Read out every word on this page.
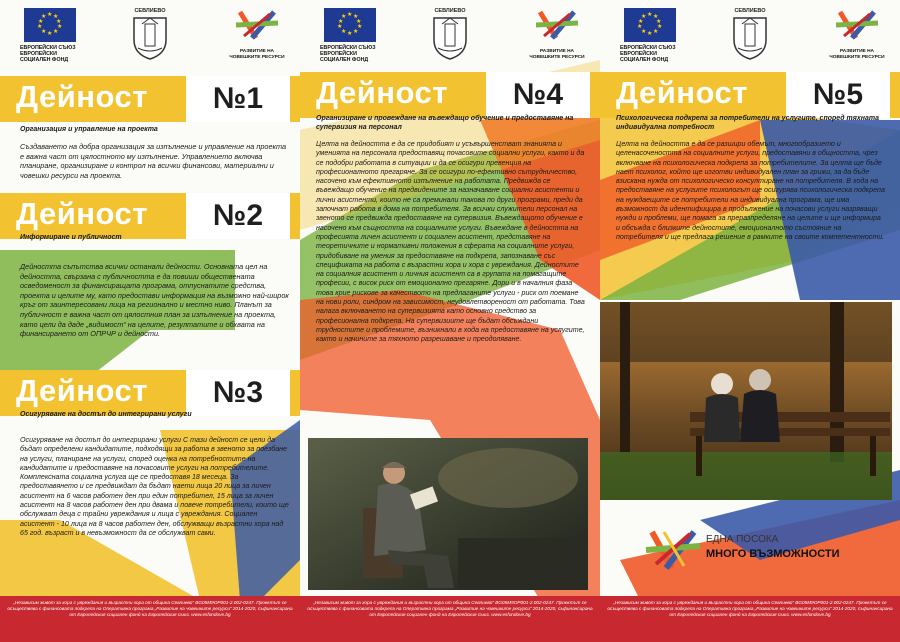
★ ★
★
★
★
★
★
★
★
★
ЕВРОПЕЙСКИ СЪЮЗ
ЕВРОПЕЙСКИ
СОЦИАЛЕН ФОНД
СЕВЛИЕВО
РАЗВИТИЕ НА
ЧОВЕШКИТЕ РЕСУРСИ
Дейност	№1
Организация и управление на проекта
Създаването на добра организация за изпълнение и управление на проекта е важна част от цялостното му изпълнение. Управлението включва планиране, организиране и контрол на всички финансови, материални и човешки ресурси на проекта.
Дейност	№2
Информиране и публичност
Дейността съпътства всички останали дейности. Основната цел на дейността, свързана с публичността е да повиши обществената осведоменост за финансиращата програма, отпуснатите средства, проекта и целите му, като предостави информация на възможно най-широк кръг от заинтересовани лица на регионално и местно ниво. Планът за публичност е важна част от цялостния план за изпълнение на проекта, като цели да даде „видимост“ на целите, резултатите и обхвата на финансирането от ОПРЧР и дейности.
Дейност	№3
Осигуряване на достъп до интегрирани услуги
Осигуряване на достъп до интегрирани услуги С тази дейност се цели да бъдат определени кандидатите, подходящи за работа в звеното за поезбане на услуги, планиране на услуги, според оценка на потребностите на кандидатите и предоставяне на почасовите услуги на потребителите. Комплексната социална услуга ще се предоставя 18 месеца. За предоставянето и се предвиждат да бъдат наети лица 20 лица за личен асистент на 6 часов работен ден при един потребител, 15 лица за личен асистент на 8 часов работен ден при двама и повече потребители, които ще обслужват деца с трайни увреждания и лица с увреждания. Социален асистент - 10 лица на 8 часов работен ден, обслужващи възрастни хора над 65 год. възраст и в невъзможност да се обслужват сами.
★ ★
★
★
★
★
★
★
★
★
ЕВРОПЕЙСКИ СЪЮЗ
ЕВРОПЕЙСКИ
СОЦИАЛЕН ФОНД
СЕВЛИЕВО
РАЗВИТИЕ НА
ЧОВЕШКИТЕ РЕСУРСИ
Дейност	№4
Организиране и провеждане на въвеждащо обучение и предоставяне на супервизия на персонал
Целта на дейността е да се придобият и усъвършенстват знанията и уменията на персонала предоставящ почасовите социални услуги, както и да се подобри работата в ситуации и да се осигури превенция на професионалното прегаряне. За се осигури по-ефективно сътрудничество, насочено към ефективното изпълнение на работата. Предвижда се въвеждащо обучение на предвидените за назначаване социални асистенти и лични асистенти, които не са преминали такова по други програми, преди да започнат работа в дома на потребителя. За всички служители персонал на звеното се предвижда предоставяне на супервизия. Въвеждащото обучение е насочено към същността на социалните услуги. Въвеждане в дейността на професията личен асистент и социален асистент, представяне на теоретичните и нормативни положения в сферата на социалните услуги, придобиване на умения за предоставяне на подкрепа, запознаване със спецификата на работа с възрастни хора и хора с увреждания. Дейностите на социалния асистент и личния асистент са в групата на помагащите професии, с висок риск от емоционално прегаряне. Дори и в началния фаза това крие рискове за качеството на предлаганите услуги - риск от поемане на нови роли, синдром на зависимост, неудовлетвореност от работата. Това налага включването на супервизията като основно средство за професионална подкрепа. На супервизиите ще бъдат обсъждани трудностите и проблемите, възникнали в хода на предоставяне на услугите, както и начините за тяхното разрешаване и преодоляване.
★ ★
★
★
★
★
★
★
★
★
ЕВРОПЕЙСКИ СЪЮЗ
ЕВРОПЕЙСКИ
СОЦИАЛЕН ФОНД
СЕВЛИЕВО
РАЗВИТИЕ НА
ЧОВЕШКИТЕ РЕСУРСИ
Дейност	№5
Психологическа подкрепа за потребители на услугите, според тяхната индивидуална потребност
Целта на дейността е да се разшири обемът, многообразието и целенасочеността на социалните услуги, предоставяни в общността, чрез включване на психологическа подкрепа за потребителите. За целта ще бъде нает психолог, който ще изготви индивидуален план за грижи, за да бъде взискана нужда от психологическо консултиране на потребителя. В хода на предоставяне на услугите психологът ще осигурява психологическа подкрепа на нуждаещите се потребители на индивидуална програма, ще има възможност да идентифицира в продължение на почасови услуги назряващи нужди и проблеми, ще помага за преразпределяне на целите и ще информира и обсъжда с близките дейностите, емоционалното състояние на потребителя и ще предлага решение в рамките на своите компетентности.
ЕДНА ПОСОКА
МНОГО ВЪЗМОЖНОСТИ
„Независим живот за хора с увреждания и възрастни хора от община Севлиево“ BG05M9OP001-2.002-0247. Проектът се осъществява с финансовата подкрепа на Оперативна програма „Развитие на човешките ресурси“ 2014-2020, съфинансирана от Европейския социален фонд на Европейския съюз. www.esfondove.bg
„Независим живот за хора с увреждания и възрастни хора от община Севлиево“ BG05M9OP001-2.002-0247. Проектът се осъществява с финансовата подкрепа на Оперативна програма „Развитие на човешките ресурси“ 2014-2020, съфинансирана от Европейския социален фонд на Европейския съюз. www.esfondove.bg
„Независим живот за хора с увреждания и възрастни хора от община Севлиево“ BG05M9OP001-2.002-0247. Проектът се осъществява с финансовата подкрепа на Оперативна програма „Развитие на човешките ресурси“ 2014-2020, съфинансирана от Европейския социален фонд на Европейския съюз. www.esfondove.bg
